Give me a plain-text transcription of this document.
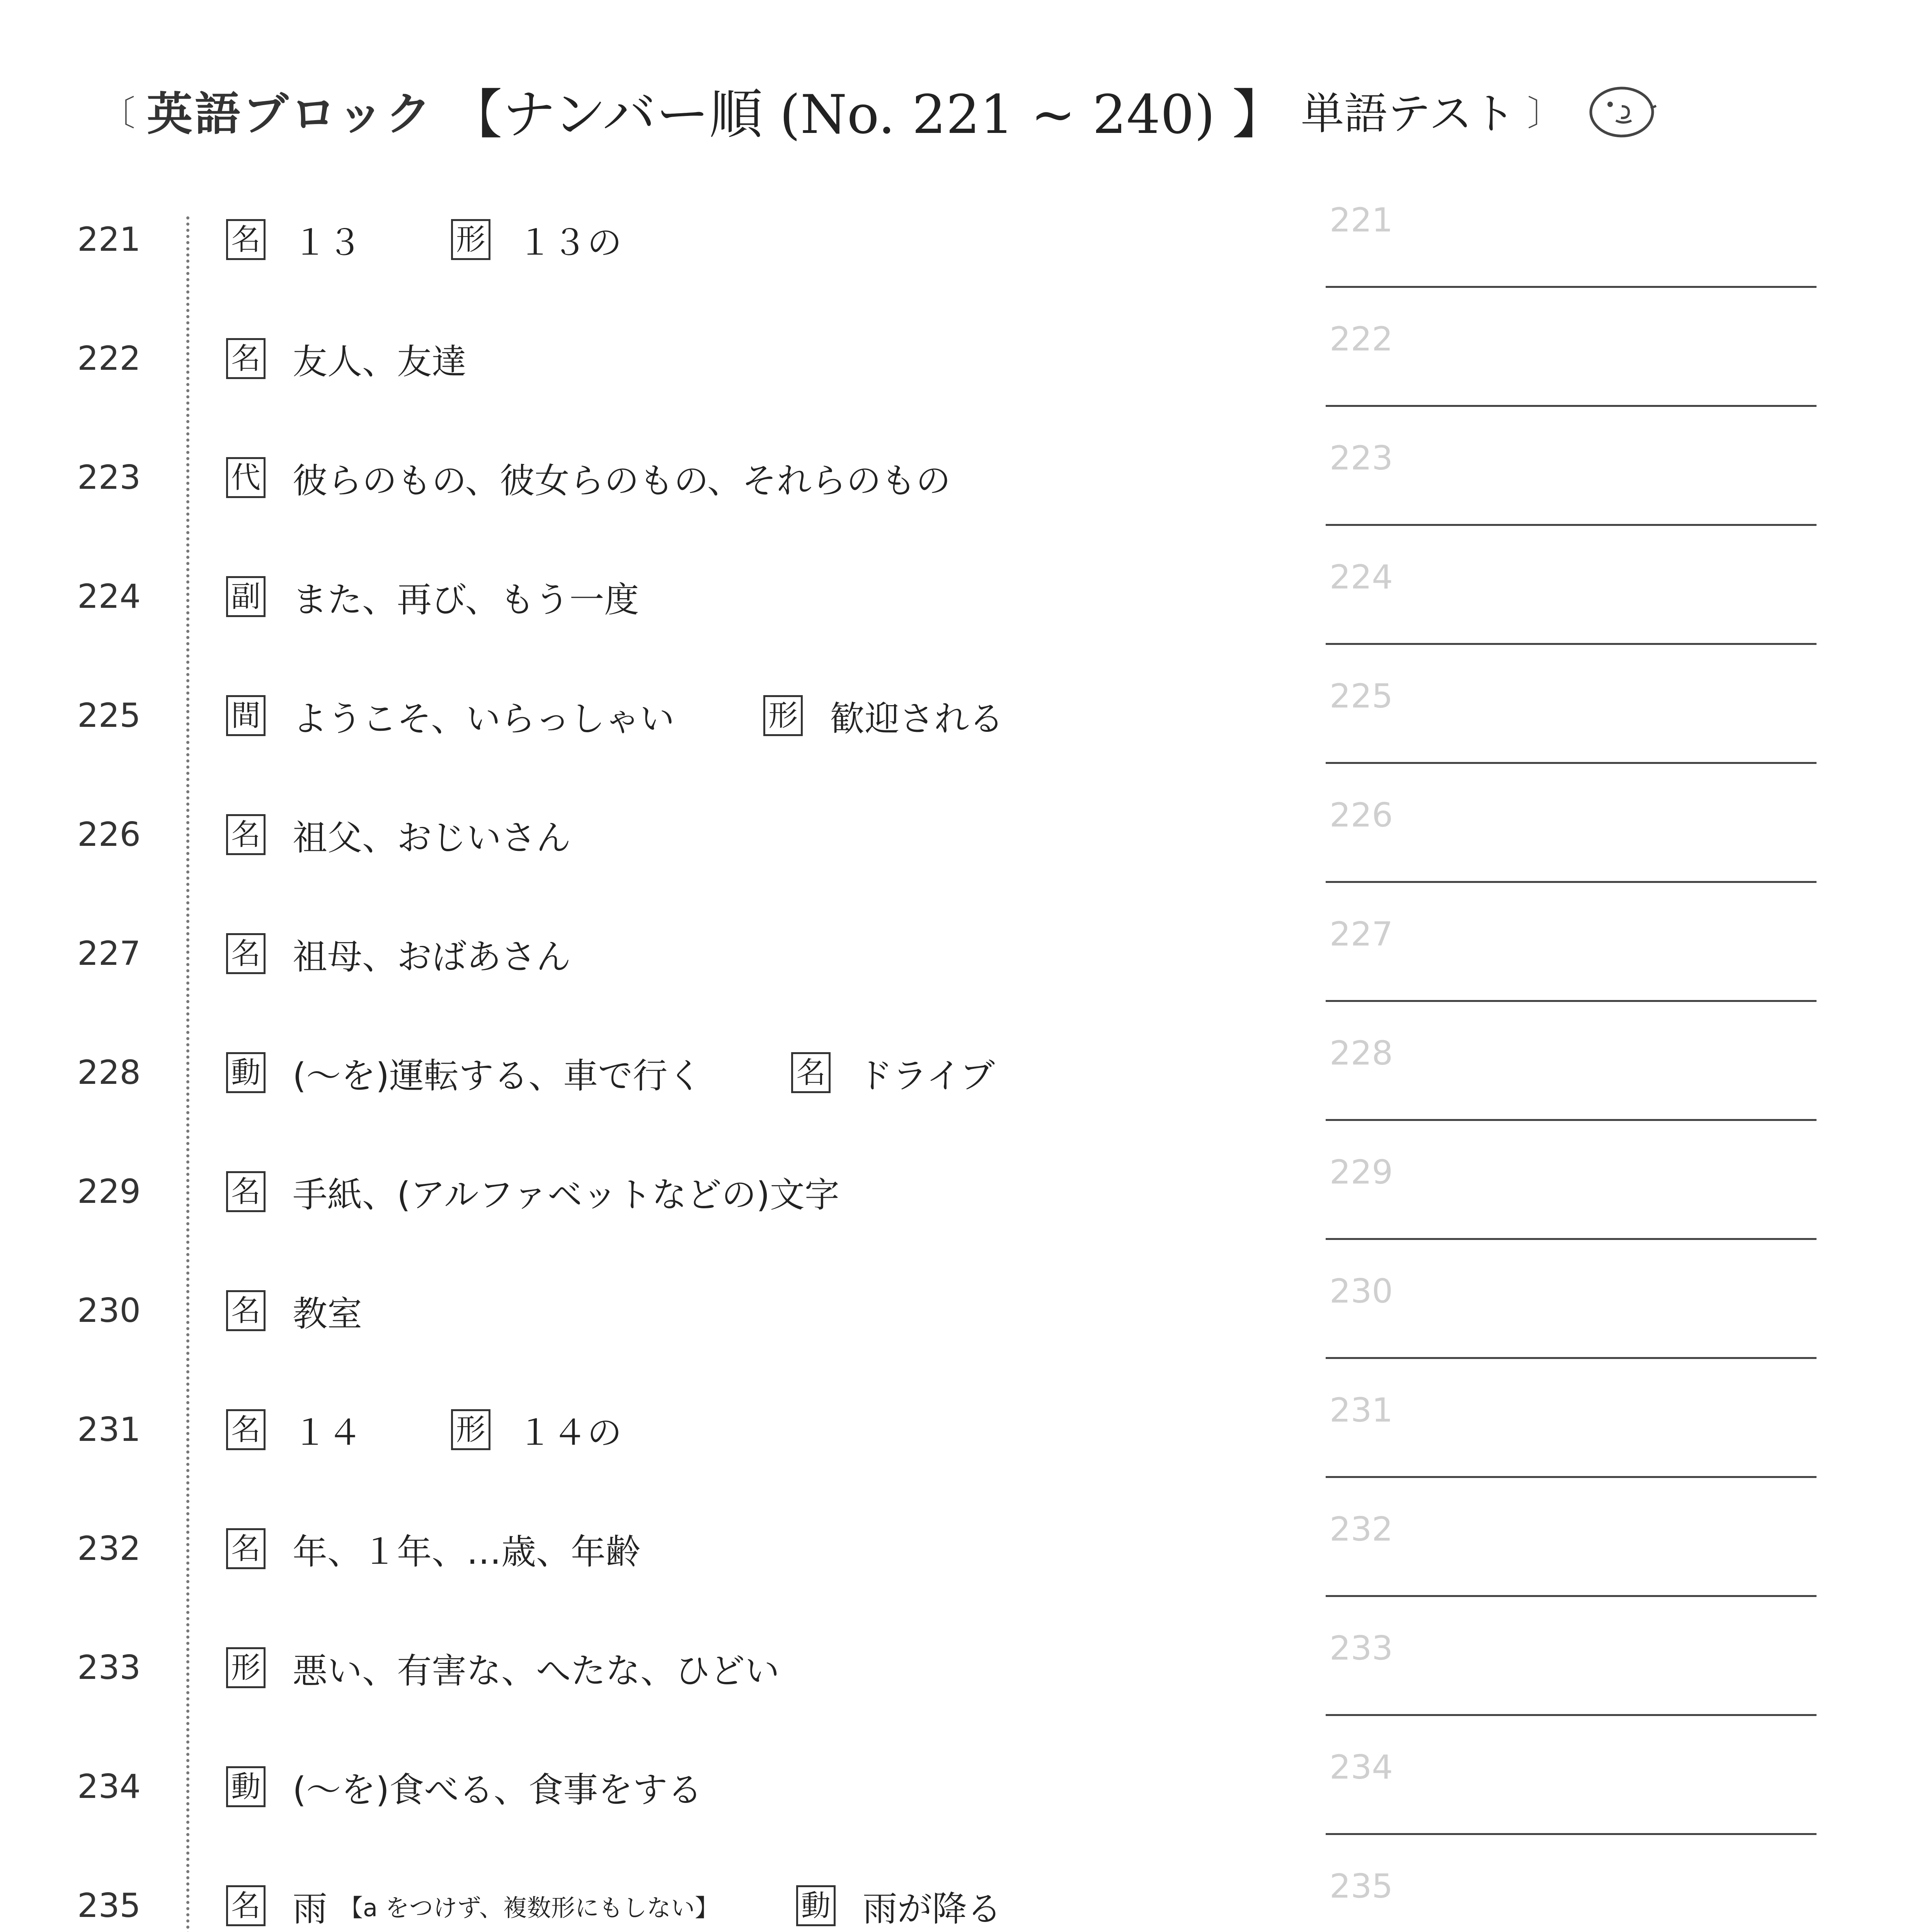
〔 英語ブロック 【ナンバー順 (No. 221 ~ 240) 】 単語テスト 〕
221	名 １３	形 １３の
221
222	名 友人、友達
222
223	代 彼らのもの、彼女らのもの、それらのもの
223
224	副 また、再び、もう一度
224
225	間 ようこそ、いらっしゃい	形 歓迎される
225
226	名 祖父、おじいさん
226
227	名 祖母、おばあさん
227
228	動 (～を)運転する、車で行く	名 ドライブ
228
229	名 手紙、(アルファベットなどの)文字
229
230	名 教室
230
231	名 １４	形 １４の
231
232	名 年、１年、…歳、年齢
232
233	形 悪い、有害な、へたな、ひどい
233
234	動 (～を)食べる、食事をする
234
235	名 雨 【a をつけず、複数形にもしない】	動 雨が降る
235
